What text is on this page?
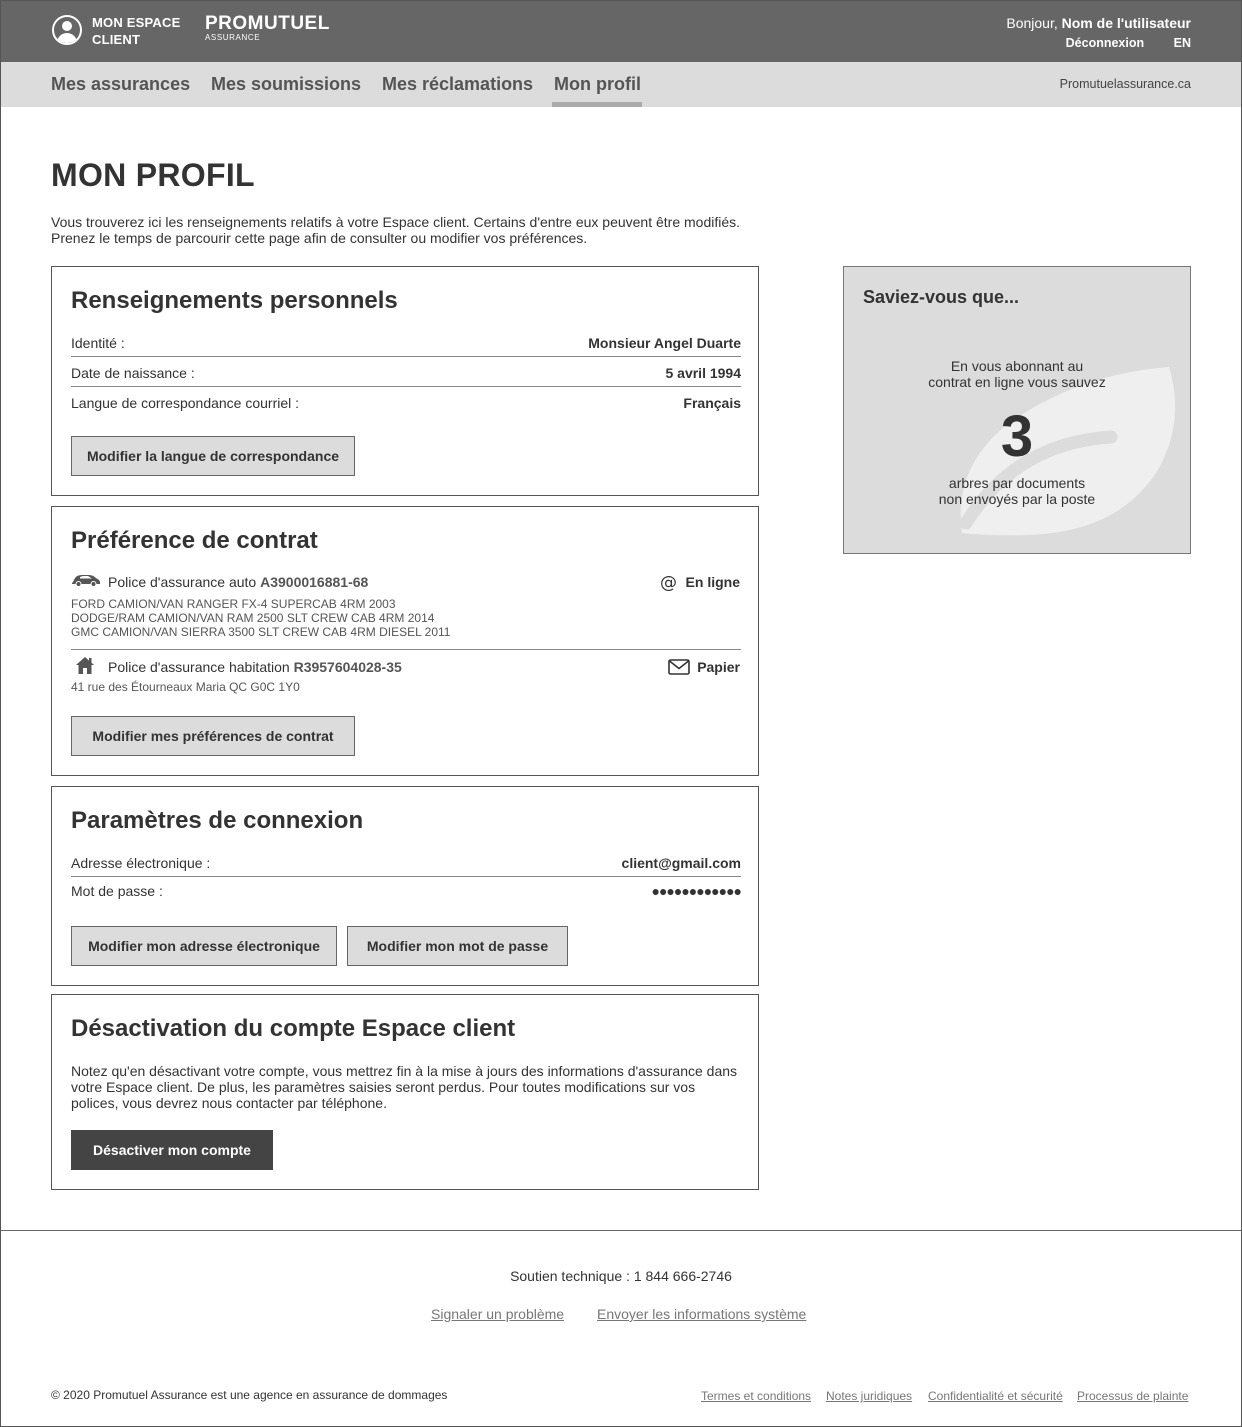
MON ESPACE
CLIENT
PROMUTUEL
ASSURANCE
Bonjour, Nom de l'utilisateur
Déconnexion EN
Mes assurances Mes soumissions Mes réclamations Mon profil	Promutuelassurance.ca
MON PROFIL
Vous trouverez ici les renseignements relatifs à votre Espace client. Certains d'entre eux peuvent être modifiés.
Prenez le temps de parcourir cette page afin de consulter ou modifier vos préférences.
Renseignements personnels
Identité :	Monsieur Angel Duarte
Date de naissance :	5 avril 1994
Langue de correspondance courriel :	Français
Modifier la langue de correspondance
Préférence de contrat
Police d'assurance auto A3900016881-68	@ En ligne
FORD CAMION/VAN RANGER FX-4 SUPERCAB 4RM 2003
DODGE/RAM CAMION/VAN RAM 2500 SLT CREW CAB 4RM 2014
GMC CAMION/VAN SIERRA 3500 SLT CREW CAB 4RM DIESEL 2011
Police d'assurance habitation R3957604028-35	Papier
41 rue des Étourneaux Maria QC G0C 1Y0
Modifier mes préférences de contrat
Paramètres de connexion
Adresse électronique :	client@gmail.com
Mot de passe :	●●●●●●●●●●●●
Modifier mon adresse électronique	Modifier mon mot de passe
Désactivation du compte Espace client
Notez qu'en désactivant votre compte, vous mettrez fin à la mise à jours des informations d'assurance dans
votre Espace client. De plus, les paramètres saisies seront perdus. Pour toutes modifications sur vos
polices, vous devrez nous contacter par téléphone.
Désactiver mon compte
Saviez-vous que...
En vous abonnant au
contrat en ligne vous sauvez
3
arbres par documents
non envoyés par la poste
Soutien technique : 1 844 666-2746
Signaler un problème Envoyer les informations système
© 2020 Promutuel Assurance est une agence en assurance de dommages	Termes et conditions Notes juridiques Confidentialité et sécurité Processus de plainte
